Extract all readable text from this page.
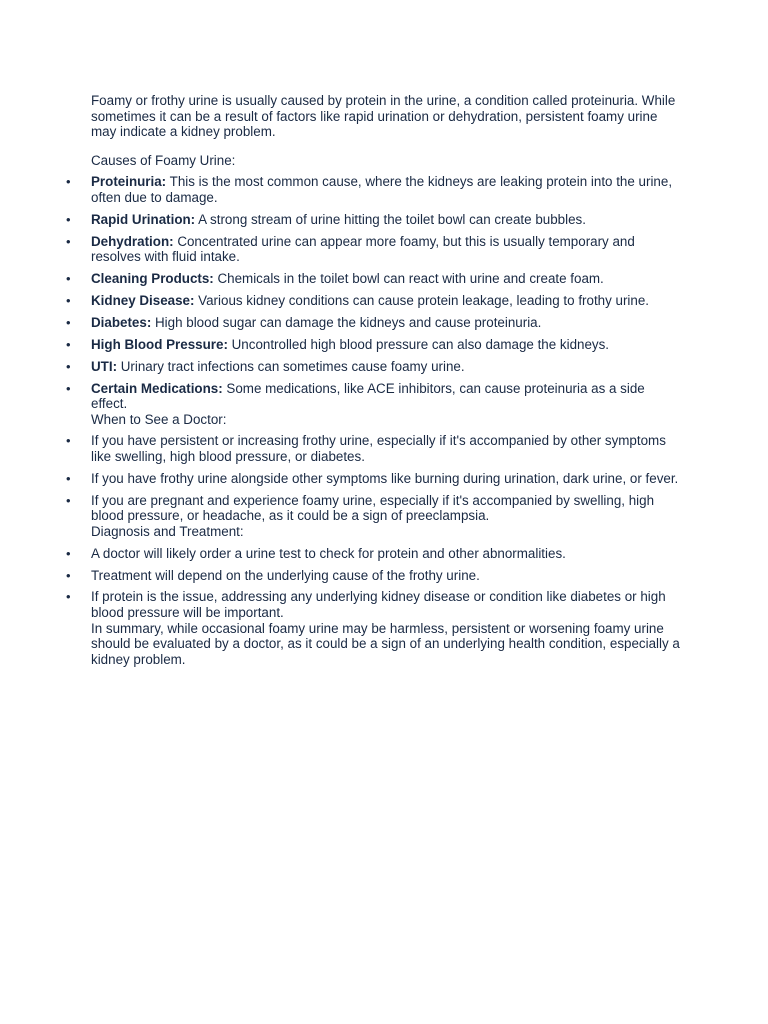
Foamy or frothy urine is usually caused by protein in the urine, a condition called proteinuria. While sometimes it can be a result of factors like rapid urination or dehydration, persistent foamy urine may indicate a kidney problem.

Causes of Foamy Urine:

•	Proteinuria: This is the most common cause, where the kidneys are leaking protein into the urine, often due to damage.
•	Rapid Urination: A strong stream of urine hitting the toilet bowl can create bubbles.
•	Dehydration: Concentrated urine can appear more foamy, but this is usually temporary and resolves with fluid intake.
•	Cleaning Products: Chemicals in the toilet bowl can react with urine and create foam.
•	Kidney Disease: Various kidney conditions can cause protein leakage, leading to frothy urine.
•	Diabetes: High blood sugar can damage the kidneys and cause proteinuria.
•	High Blood Pressure: Uncontrolled high blood pressure can also damage the kidneys.
•	UTI: Urinary tract infections can sometimes cause foamy urine.
•	Certain Medications: Some medications, like ACE inhibitors, can cause proteinuria as a side effect.
When to See a Doctor:
•	If you have persistent or increasing frothy urine, especially if it's accompanied by other symptoms like swelling, high blood pressure, or diabetes.
•	If you have frothy urine alongside other symptoms like burning during urination, dark urine, or fever.
•	If you are pregnant and experience foamy urine, especially if it's accompanied by swelling, high blood pressure, or headache, as it could be a sign of preeclampsia.
Diagnosis and Treatment:
•	A doctor will likely order a urine test to check for protein and other abnormalities.
•	Treatment will depend on the underlying cause of the frothy urine.
•	If protein is the issue, addressing any underlying kidney disease or condition like diabetes or high blood pressure will be important.
In summary, while occasional foamy urine may be harmless, persistent or worsening foamy urine should be evaluated by a doctor, as it could be a sign of an underlying health condition, especially a kidney problem.
